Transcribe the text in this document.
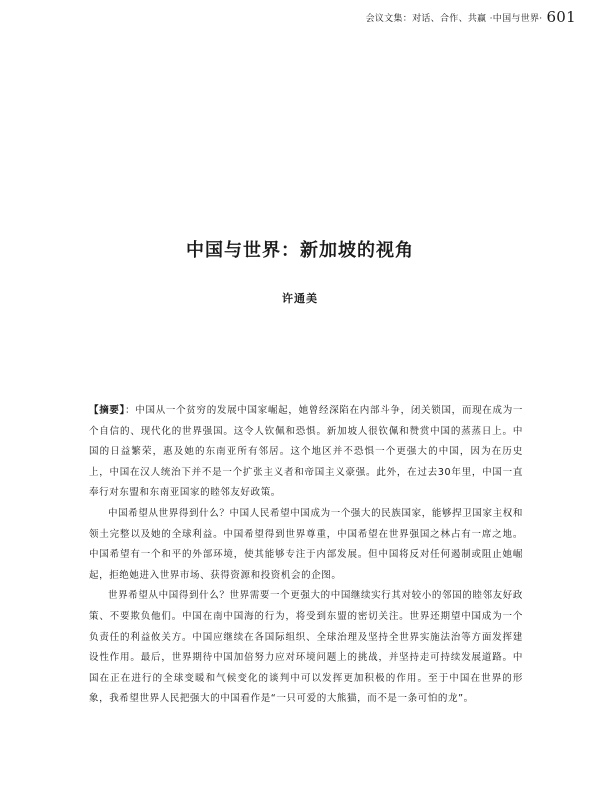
会议文集：对话、合作、共赢 ·中国与世界· 601
中国与世界：新加坡的视角
许通美

【摘要】：中国从一个贫穷的发展中国家崛起，她曾经深陷在内部斗争，闭关锁国，而现在成为一个自信的、现代化的世界强国。这令人钦佩和恐惧。新加坡人很钦佩和赞赏中国的蒸蒸日上。中国的日益繁荣，惠及她的东南亚所有邻居。这个地区并不恐惧一个更强大的中国，因为在历史上，中国在汉人统治下并不是一个扩张主义者和帝国主义豪强。此外，在过去30年里，中国一直奉行对东盟和东南亚国家的睦邻友好政策。

中国希望从世界得到什么？中国人民希望中国成为一个强大的民族国家，能够捍卫国家主权和领土完整以及她的全球利益。中国希望得到世界尊重，中国希望在世界强国之林占有一席之地。中国希望有一个和平的外部环境，使其能够专注于内部发展。但中国将反对任何遏制或阻止她崛起，拒绝她进入世界市场、获得资源和投资机会的企图。

世界希望从中国得到什么？世界需要一个更强大的中国继续实行其对较小的邻国的睦邻友好政策、不要欺负他们。中国在南中国海的行为，将受到东盟的密切关注。世界还期望中国成为一个负责任的利益攸关方。中国应继续在各国际组织、全球治理及坚持全世界实施法治等方面发挥建设性作用。最后，世界期待中国加倍努力应对环境问题上的挑战，并坚持走可持续发展道路。中国在正在进行的全球变暖和气候变化的谈判中可以发挥更加积极的作用。至于中国在世界的形象，我希望世界人民把强大的中国看作是“一只可爱的大熊猫，而不是一条可怕的龙”。
